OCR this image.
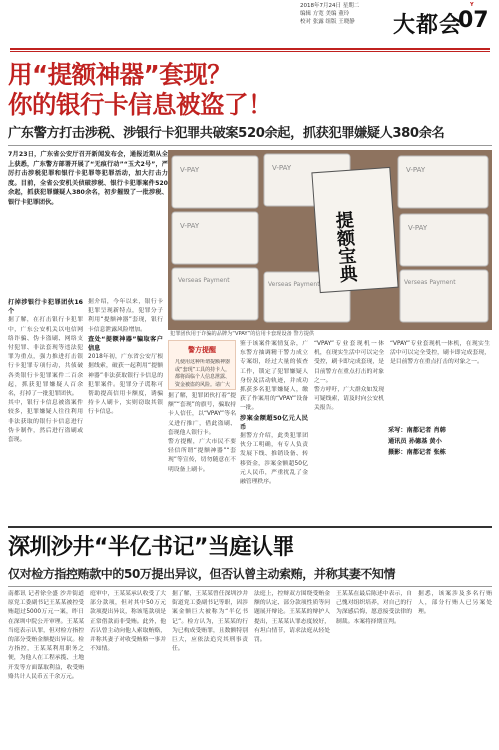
2018年7月24日 星期二
编辑 方宽 美编 董玲
校对 张露 组版 王晓静
Y
大都会
07
用“提额神器”套现？
你的银行卡信息被盗了！
广东警方打击涉税、涉银行卡犯罪共破案520余起，抓获犯罪嫌疑人380余名
7月23日，广东省公安厅召开新闻发布会，通报近期从全上获悉，广东警方部署开展了“无痕行动”“玉犬2号”，严厉打击涉税犯罪和银行卡犯罪等犯罪活动，加大打击力度。目前，全省公安机关侦破涉税、银行卡犯罪案件520余起，抓获犯罪嫌疑人380余名，初步摧毁了一批涉税、银行卡犯罪团伙。
V-PAY	V-PAY
V-PAY
V-PAY
V-PAY
Verseas Payment	Verseas Payment
Verseas Payment
提额宝典
犯罪团伙用于诈骗的品牌为“VPAY”的信用卡套现设备 警方提供
打掉涉银行卡犯罪团伙16个
据了解，在打击银行卡犯罪中，广东公安机关以电信网络诈骗、伪卡盗刷、网络支付犯罪、非法套现等违法犯罪为重点，强力推进打击银行卡犯罪专项行动，共侦破各类银行卡犯罪案件二百余起，抓获犯罪嫌疑人百余名，打掉了一批犯罪团伙。
其中，银行卡信息被盗案件较多，犯罪嫌疑人往往利用非法获取的银行卡信息进行伪卡制作，然后进行盗刷或套现。
据介绍，今年以来，银行卡犯罪呈现新特点，犯罪分子利用“提额神器”套现，银行卡信息泄露风险增加。
查处“提额神器”骗取客户信息
2018年初，广东省公安厅根据线索，破获一起利用“提额神器”非法获取银行卡信息的犯罪案件。犯罪分子谎称可帮助提高信用卡额度，诱骗持卡人刷卡，实则窃取其银行卡信息。
据了解，犯罪团伙打着“提额”“套现”的旗号，骗取持卡人信任，以“VPAY”等名义进行推广，借此盗刷、套现他人银行卡。
警方提醒，广大市民不要轻信所谓“提额神器”“套现”等宣传，切勿随意在不明设备上刷卡。
警方提醒
凡使用这种所谓提额神器或“套现”工具的持卡人，都将面临个人信息泄露、资金被盗的风险。请广大
鉴于该案件案情复杂，广东警方抽调精干警力成立专案组，经过大量的侦查工作，锁定了犯罪嫌疑人身份及活动轨迹，并成功抓获多名犯罪嫌疑人，缴获了作案用的“VPAY”设备一批。
涉案金额超50亿元人民币
据警方介绍，此类犯罪团伙分工明确，有专人负责发展下线、推销设备、转移资金，涉案金额超50亿元人民币，严重扰乱了金融管理秩序。
“VPAY”专业套现机一体机，在现实生活中可以完全受控，刷卡即完成套现，是目前警方在重点打击的对象之一。
警方呼吁，广大群众如发现可疑线索，请及时向公安机关报告。
“VPAY”专业套现机一体机，在现实生活中可以完全受控，刷卡即完成套现，是目前警方在重点打击的对象之一。
采写：南都记者 肖韩
通讯员 孙德基 黄小
摄影：南都记者 张栋
深圳沙井“半亿书记”当庭认罪
仅对检方指控贿款中的50万提出异议，但否认曾主动索贿，并称其妻不知情
南都讯 记者徐全盛 沙井街道原党工委副书记王某某被控受贿超过5000万元一案，昨日在深圳中院公开审理。王某某当庭表示认罪，但对检方指控的部分受贿金额提出异议。检方指控，王某某利用职务之便，为他人在工程承揽、土地开发等方面谋取利益，收受贿赂共计人民币五千余万元。
庭审中，王某某承认收受了大部分款项，但对其中50万元款项提出异议，称该笔款项是正常借款而非受贿。此外，他否认曾主动向他人索取贿赂，并称其妻子对收受贿赂一事并不知情。
据了解，王某某曾任深圳沙井街道党工委副书记等职，因涉案金额巨大被称为“半亿书记”。检方认为，王某某的行为已构成受贿罪，且数额特别巨大，应依法追究其刑事责任。
法庭上，控辩双方围绕受贿金额的认定、部分款项性质等问题展开辩论。王某某的辩护人提出，王某某认罪态度较好，有坦白情节，请求法庭从轻处罚。
王某某在最后陈述中表示，自己愧对组织培养，对自己的行为深感后悔，愿意接受法律的制裁。本案将择期宣判。
据悉，该案涉及多名行贿人，部分行贿人已另案处理。
